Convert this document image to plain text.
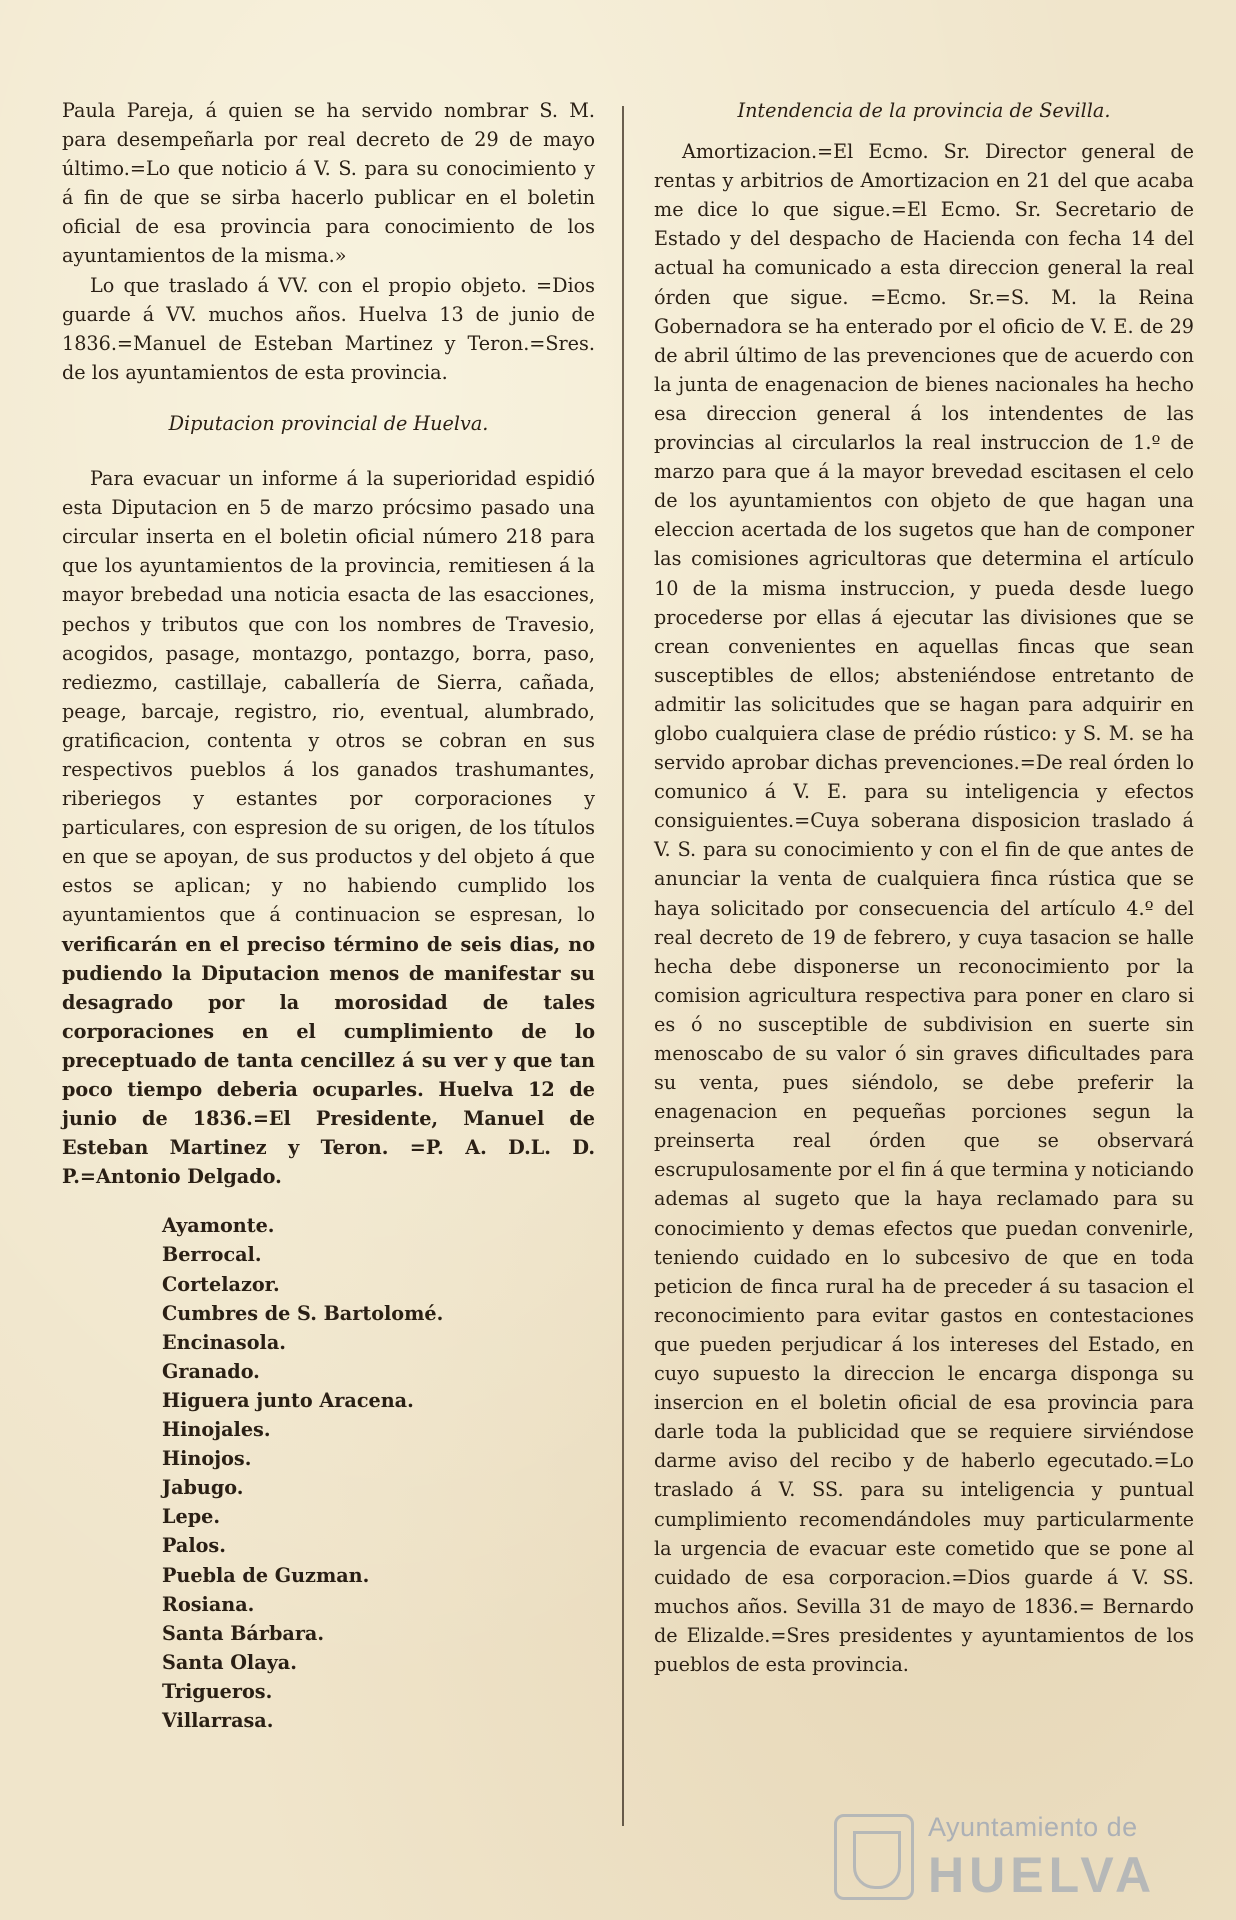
Paula Pareja, á quien se ha servido nombrar S. M. para desempeñarla por real decreto de 29 de mayo último.=Lo que noticio á V. S. para su conocimiento y á fin de que se sirba hacerlo publicar en el boletin oficial de esa provincia para conocimiento de los ayuntamientos de la misma.»

Lo que traslado á VV. con el propio objeto. =Dios guarde á VV. muchos años. Huelva 13 de junio de 1836.=Manuel de Esteban Martinez y Teron.=Sres. de los ayuntamientos de esta provincia.

Diputacion provincial de Huelva.

Para evacuar un informe á la superioridad espidió esta Diputacion en 5 de marzo prócsimo pasado una circular inserta en el boletin oficial número 218 para que los ayuntamientos de la provincia, remitiesen á la mayor brebedad una noticia esacta de las esacciones, pechos y tributos que con los nombres de Travesio, acogidos, pasage, montazgo, pontazgo, borra, paso, rediezmo, castillaje, caballería de Sierra, cañada, peage, barcaje, registro, rio, eventual, alumbrado, gratificacion, contenta y otros se cobran en sus respectivos pueblos á los ganados trashumantes, riberiegos y estantes por corporaciones y particulares, con espresion de su origen, de los títulos en que se apoyan, de sus productos y del objeto á que estos se aplican; y no habiendo cumplido los ayuntamientos que á continuacion se espresan, lo verificarán en el preciso término de seis dias, no pudiendo la Diputacion menos de manifestar su desagrado por la morosidad de tales corporaciones en el cumplimiento de lo preceptuado de tanta cencillez á su ver y que tan poco tiempo deberia ocuparles. Huelva 12 de junio de 1836.=El Presidente, Manuel de Esteban Martinez y Teron. =P. A. D.L. D. P.=Antonio Delgado.

Ayamonte.
Berrocal.
Cortelazor.
Cumbres de S. Bartolomé.
Encinasola.
Granado.
Higuera junto Aracena.
Hinojales.
Hinojos.
Jabugo.
Lepe.
Palos.
Puebla de Guzman.
Rosiana.
Santa Bárbara.
Santa Olaya.
Trigueros.
Villarrasa.

Intendencia de la provincia de Sevilla.

Amortizacion.=El Ecmo. Sr. Director general de rentas y arbitrios de Amortizacion en 21 del que acaba me dice lo que sigue.=El Ecmo. Sr. Secretario de Estado y del despacho de Hacienda con fecha 14 del actual ha comunicado a esta direccion general la real órden que sigue. =Ecmo. Sr.=S. M. la Reina Gobernadora se ha enterado por el oficio de V. E. de 29 de abril último de las prevenciones que de acuerdo con la junta de enagenacion de bienes nacionales ha hecho esa direccion general á los intendentes de las provincias al circularlos la real instruccion de 1.º de marzo para que á la mayor brevedad escitasen el celo de los ayuntamientos con objeto de que hagan una eleccion acertada de los sugetos que han de componer las comisiones agricultoras que determina el artículo 10 de la misma instruccion, y pueda desde luego procederse por ellas á ejecutar las divisiones que se crean convenientes en aquellas fincas que sean susceptibles de ellos; absteniéndose entretanto de admitir las solicitudes que se hagan para adquirir en globo cualquiera clase de prédio rústico: y S. M. se ha servido aprobar dichas prevenciones.=De real órden lo comunico á V. E. para su inteligencia y efectos consiguientes.=Cuya soberana disposicion traslado á V. S. para su conocimiento y con el fin de que antes de anunciar la venta de cualquiera finca rústica que se haya solicitado por consecuencia del artículo 4.º del real decreto de 19 de febrero, y cuya tasacion se halle hecha debe disponerse un reconocimiento por la comision agricultura respectiva para poner en claro si es ó no susceptible de subdivision en suerte sin menoscabo de su valor ó sin graves dificultades para su venta, pues siéndolo, se debe preferir la enagenacion en pequeñas porciones segun la preinserta real órden que se observará escrupulosamente por el fin á que termina y noticiando ademas al sugeto que la haya reclamado para su conocimiento y demas efectos que puedan convenirle, teniendo cuidado en lo subcesivo de que en toda peticion de finca rural ha de preceder á su tasacion el reconocimiento para evitar gastos en contestaciones que pueden perjudicar á los intereses del Estado, en cuyo supuesto la direccion le encarga disponga su insercion en el boletin oficial de esa provincia para darle toda la publicidad que se requiere sirviéndose darme aviso del recibo y de haberlo egecutado.=Lo traslado á V. SS. para su inteligencia y puntual cumplimiento recomendándoles muy particularmente la urgencia de evacuar este cometido que se pone al cuidado de esa corporacion.=Dios guarde á V. SS. muchos años. Sevilla 31 de mayo de 1836.= Bernardo de Elizalde.=Sres presidentes y ayuntamientos de los pueblos de esta provincia.

Ayuntamiento de
HUELVA
